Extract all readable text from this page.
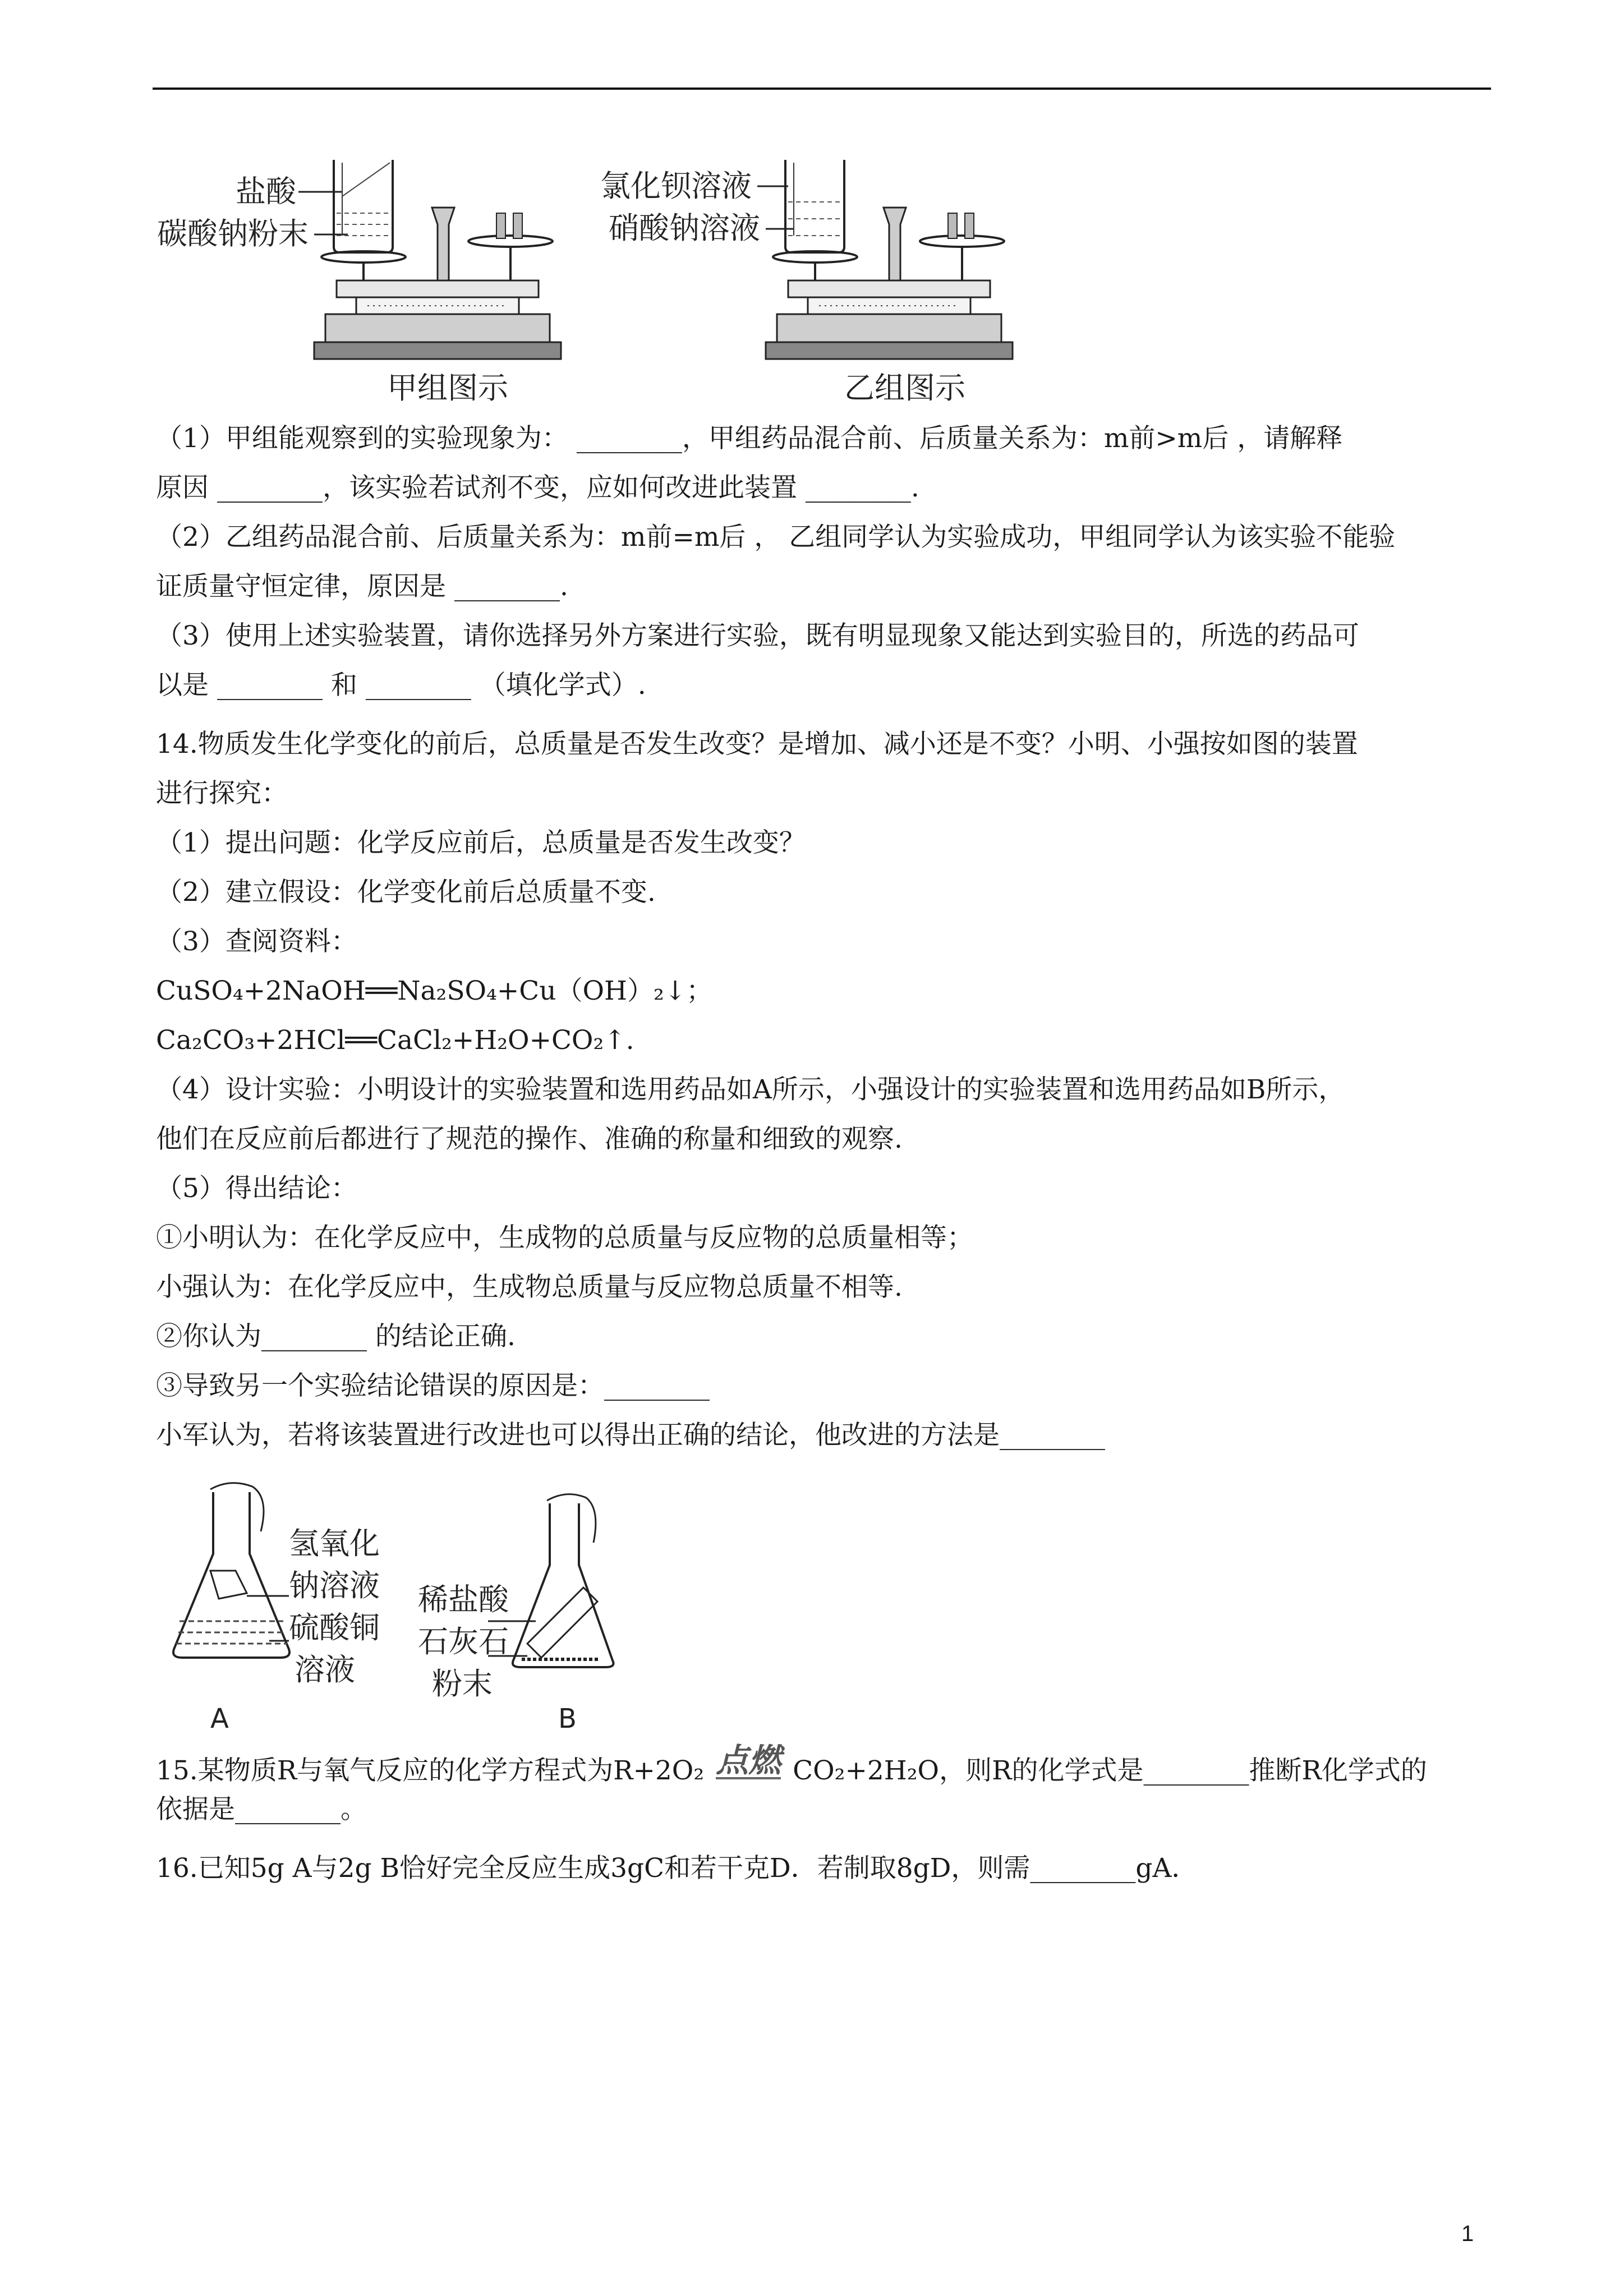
盐酸
碳酸钠粉末
甲组图示
氯化钡溶液
硝酸钠溶液
乙组图示
（1）甲组能观察到的实验现象为： ________，甲组药品混合前、后质量关系为：m前>m后 ，请解释
原因 ________，该实验若试剂不变，应如何改进此装置 ________.
（2）乙组药品混合前、后质量关系为：m前=m后 ， 乙组同学认为实验成功，甲组同学认为该实验不能验
证质量守恒定律，原因是 ________.
（3）使用上述实验装置，请你选择另外方案进行实验，既有明显现象又能达到实验目的，所选的药品可
以是 ________ 和 ________ （填化学式）.
14.物质发生化学变化的前后，总质量是否发生改变？是增加、减小还是不变？小明、小强按如图的装置
进行探究：
（1）提出问题：化学反应前后，总质量是否发生改变？
（2）建立假设：化学变化前后总质量不变.
（3）查阅资料：
CuSO₄+2NaOH══Na₂SO₄+Cu（OH）₂↓；
Ca₂CO₃+2HCl══CaCl₂+H₂O+CO₂↑.
（4）设计实验：小明设计的实验装置和选用药品如A所示，小强设计的实验装置和选用药品如B所示，
他们在反应前后都进行了规范的操作、准确的称量和细致的观察.
（5）得出结论：
①小明认为：在化学反应中，生成物的总质量与反应物的总质量相等；
小强认为：在化学反应中，生成物总质量与反应物总质量不相等.
②你认为________ 的结论正确.
③导致另一个实验结论错误的原因是：________
小军认为，若将该装置进行改进也可以得出正确的结论，他改进的方法是________
氢氧化
钠溶液
硫酸铜
溶液
A
稀盐酸
石灰石
粉末
B
15.某物质R与氧气反应的化学方程式为R+2O₂ 点燃 CO₂+2H₂O，则R的化学式是________推断R化学式的
依据是________。
16.已知5g A与2g B恰好完全反应生成3gC和若干克D．若制取8gD，则需________gA．
1
